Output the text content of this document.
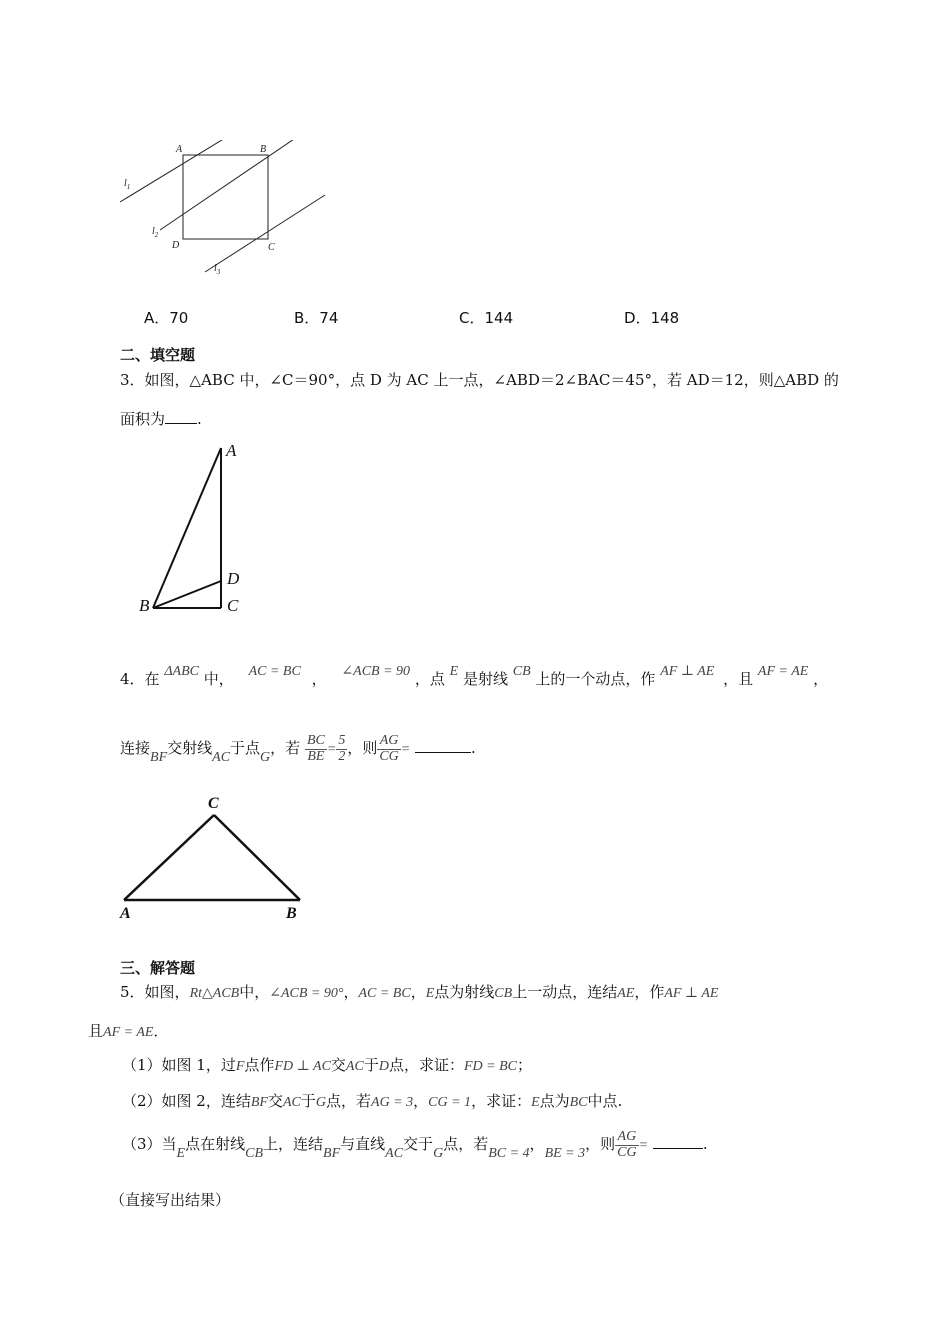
A	B
D	C
$l_1$
$l_2$
$l_3$
A．70	B．74	C．144	D．148
二、填空题
3．如图，△ABC 中，∠C＝90°，点 D 为 AC 上一点，∠ABD＝2∠BAC＝45°，若 AD＝12，则△ABD 的
面积为 .
A
D
C
B
4．在 ΔABC 中， AC = BC ， ∠ACB = 90 ，点 E 是射线 CB 上的一个动点，作 AF ⊥ AE ，且 AF = AE ，
连接BF交射线AC于点G，若 $\frac{BC}{BE} = \frac{5}{2}$ ，则 $\frac{AG}{CG}$ =	.
C
A	B
三、解答题
5．如图，Rt△ACB中，∠ACB = 90°，AC = BC，E点为射线CB上一动点，连结AE，作AF ⊥ AE
且AF = AE．
（1）如图 1，过F点作FD ⊥ AC交AC于D点，求证：FD = BC；
（2）如图 2，连结BF交AC于G点，若AG = 3，CG = 1，求证：E点为BC中点.
（3）当E点在射线CB上，连结BF与直线AC交于G点，若BC = 4，BE = 3，则 $\frac{AG}{CG}$ =	.
（直接写出结果）
